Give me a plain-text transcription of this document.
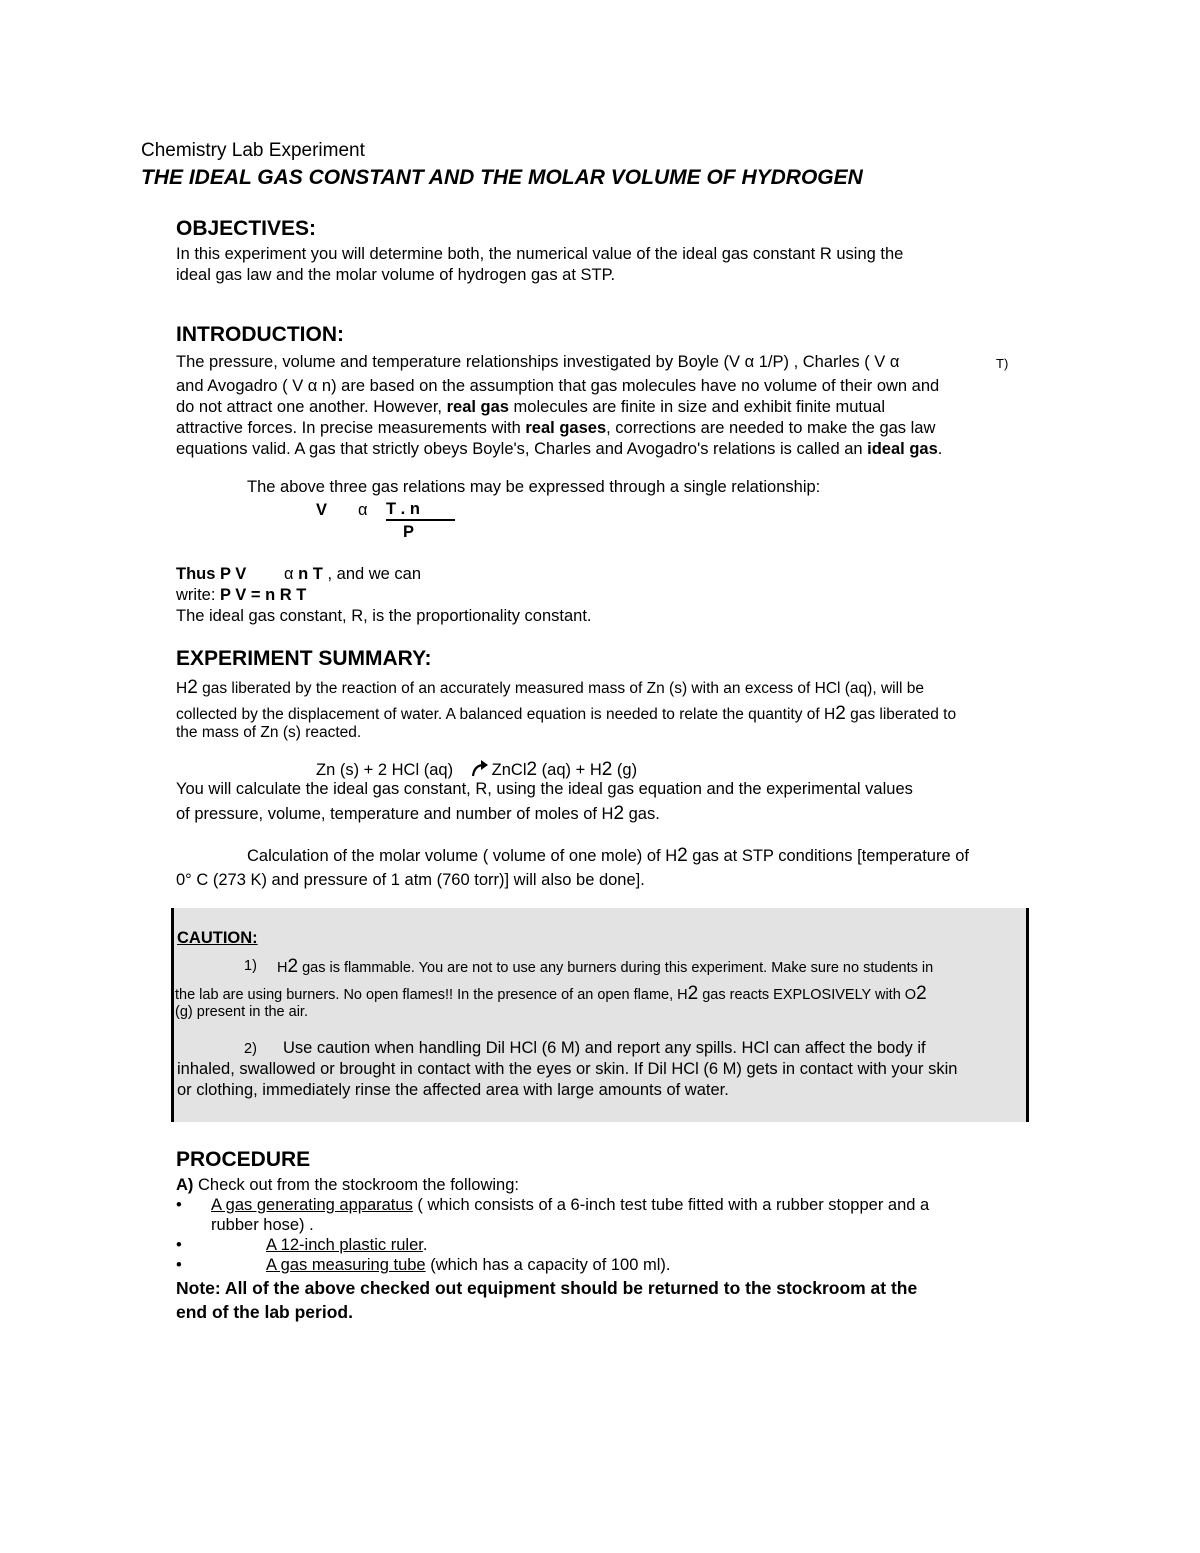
Chemistry Lab Experiment
THE IDEAL GAS CONSTANT AND THE MOLAR VOLUME OF HYDROGEN
OBJECTIVES:
In this experiment you will determine both, the numerical value of the ideal gas constant R using the
ideal gas law and the molar volume of hydrogen gas at STP.
INTRODUCTION:
The pressure, volume and temperature relationships investigated by Boyle (V α 1/P) , Charles ( V α	T)
and Avogadro ( V α n) are based on the assumption that gas molecules have no volume of their own and
do not attract one another. However, real gas molecules are finite in size and exhibit finite mutual
attractive forces. In precise measurements with real gases, corrections are needed to make the gas law
equations valid. A gas that strictly obeys Boyle's, Charles and Avogadro's relations is called an ideal gas.
The above three gas relations may be expressed through a single relationship:
V α T . n
P
Thus P V α n T , and we can
write: P V = n R T
The ideal gas constant, R, is the proportionality constant.
EXPERIMENT SUMMARY:
H2 gas liberated by the reaction of an accurately measured mass of Zn (s) with an excess of HCl (aq), will be
collected by the displacement of water. A balanced equation is needed to relate the quantity of H2 gas liberated to
the mass of Zn (s) reacted.
Zn (s) + 2 HCl (aq) ZnCl2 (aq) + H2 (g)
You will calculate the ideal gas constant, R, using the ideal gas equation and the experimental values
of pressure, volume, temperature and number of moles of H2 gas.
Calculation of the molar volume ( volume of one mole) of H2 gas at STP conditions [temperature of
0° C (273 K) and pressure of 1 atm (760 torr)] will also be done].
CAUTION:
1) H2 gas is flammable. You are not to use any burners during this experiment. Make sure no students in
the lab are using burners. No open flames!! In the presence of an open flame, H2 gas reacts EXPLOSIVELY with O2
(g) present in the air.
2) Use caution when handling Dil HCl (6 M) and report any spills. HCl can affect the body if
inhaled, swallowed or brought in contact with the eyes or skin. If Dil HCl (6 M) gets in contact with your skin
or clothing, immediately rinse the affected area with large amounts of water.
PROCEDURE
A) Check out from the stockroom the following:
• A gas generating apparatus ( which consists of a 6-inch test tube fitted with a rubber stopper and a
rubber hose) .
•	A 12-inch plastic ruler.
•	A gas measuring tube (which has a capacity of 100 ml).
Note: All of the above checked out equipment should be returned to the stockroom at the
end of the lab period.
